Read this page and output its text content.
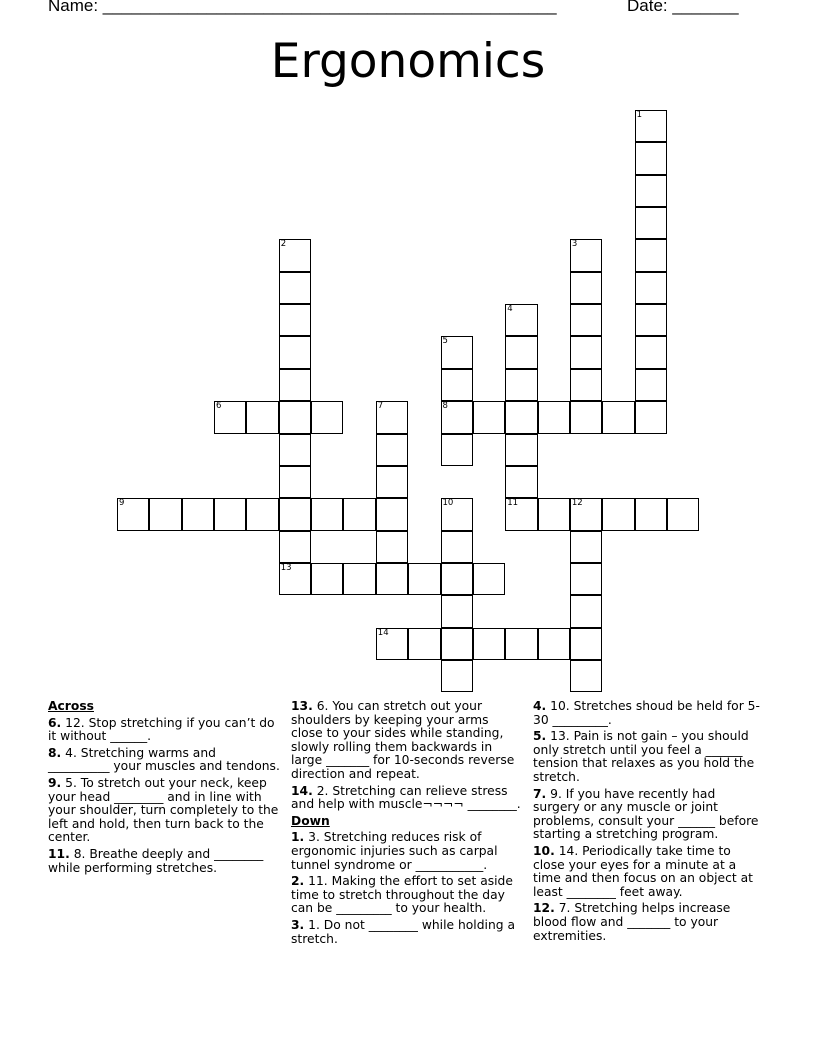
Name: ________________________________________________	Date: _______
Ergonomics
1
2	3
4
11
5
8
6	7
9	10	12
13
14
Across
6. 12. Stop stretching if you can’t do it without ______.
8. 4. Stretching warms and __________ your muscles and tendons.
9. 5. To stretch out your neck, keep your head ________ and in line with your shoulder, turn completely to the left and hold, then turn back to the center.
11. 8. Breathe deeply and ________ while performing stretches.
13. 6. You can stretch out your shoulders by keeping your arms close to your sides while standing, slowly rolling them backwards in large _______ for 10-seconds reverse direction and repeat.
14. 2. Stretching can relieve stress and help with muscle¬¬¬¬ ________.
Down
1. 3. Stretching reduces risk of ergonomic injuries such as carpal tunnel syndrome or ___________.
2. 11. Making the effort to set aside time to stretch throughout the day can be _________ to your health.
3. 1. Do not ________ while holding a stretch.
4. 10. Stretches shoud be held for 5-30 _________.
5. 13. Pain is not gain – you should only stretch until you feel a ______ tension that relaxes as you hold the stretch.
7. 9. If you have recently had surgery or any muscle or joint problems, consult your ______ before starting a stretching program.
10. 14. Periodically take time to close your eyes for a minute at a time and then focus on an object at least ________ feet away.
12. 7. Stretching helps increase blood flow and _______ to your extremities.
